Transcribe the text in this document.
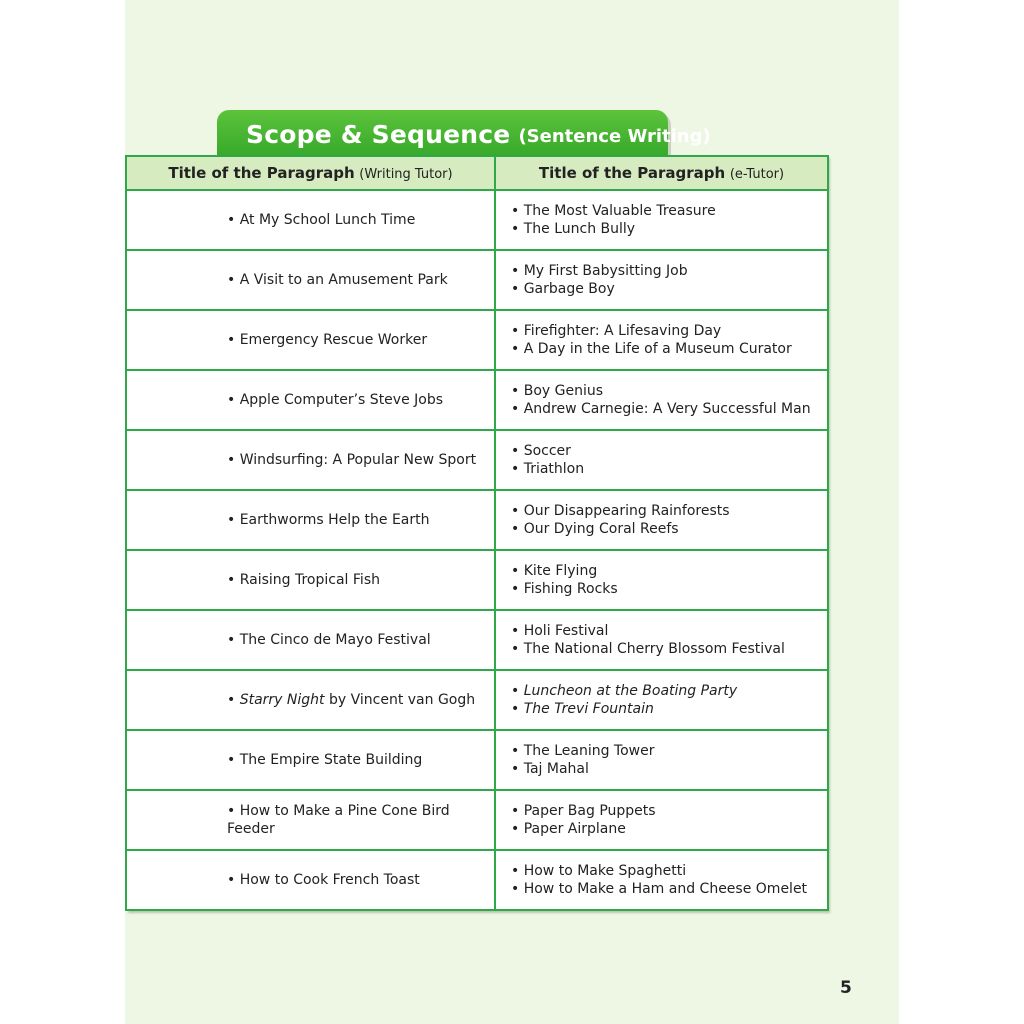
Scope & Sequence (Sentence Writing)
Title of the Paragraph (Writing Tutor)	Title of the Paragraph (e-Tutor)
• At My School Lunch Time	• The Most Valuable Treasure
• The Lunch Bully

• A Visit to an Amusement Park	• My First Babysitting Job
• Garbage Boy

• Emergency Rescue Worker	• Firefighter: A Lifesaving Day
• A Day in the Life of a Museum Curator

• Apple Computer’s Steve Jobs	• Boy Genius
• Andrew Carnegie: A Very Successful Man

• Windsurfing: A Popular New Sport	• Soccer
• Triathlon

• Earthworms Help the Earth	• Our Disappearing Rainforests
• Our Dying Coral Reefs

• Raising Tropical Fish	• Kite Flying
• Fishing Rocks

• The Cinco de Mayo Festival	• Holi Festival
• The National Cherry Blossom Festival

• Starry Night by Vincent van Gogh	• Luncheon at the Boating Party
• The Trevi Fountain

• The Empire State Building	• The Leaning Tower
• Taj Mahal

• How to Make a Pine Cone Bird Feeder	• Paper Bag Puppets
• Paper Airplane

• How to Cook French Toast	• How to Make Spaghetti
• How to Make a Ham and Cheese Omelet
5
